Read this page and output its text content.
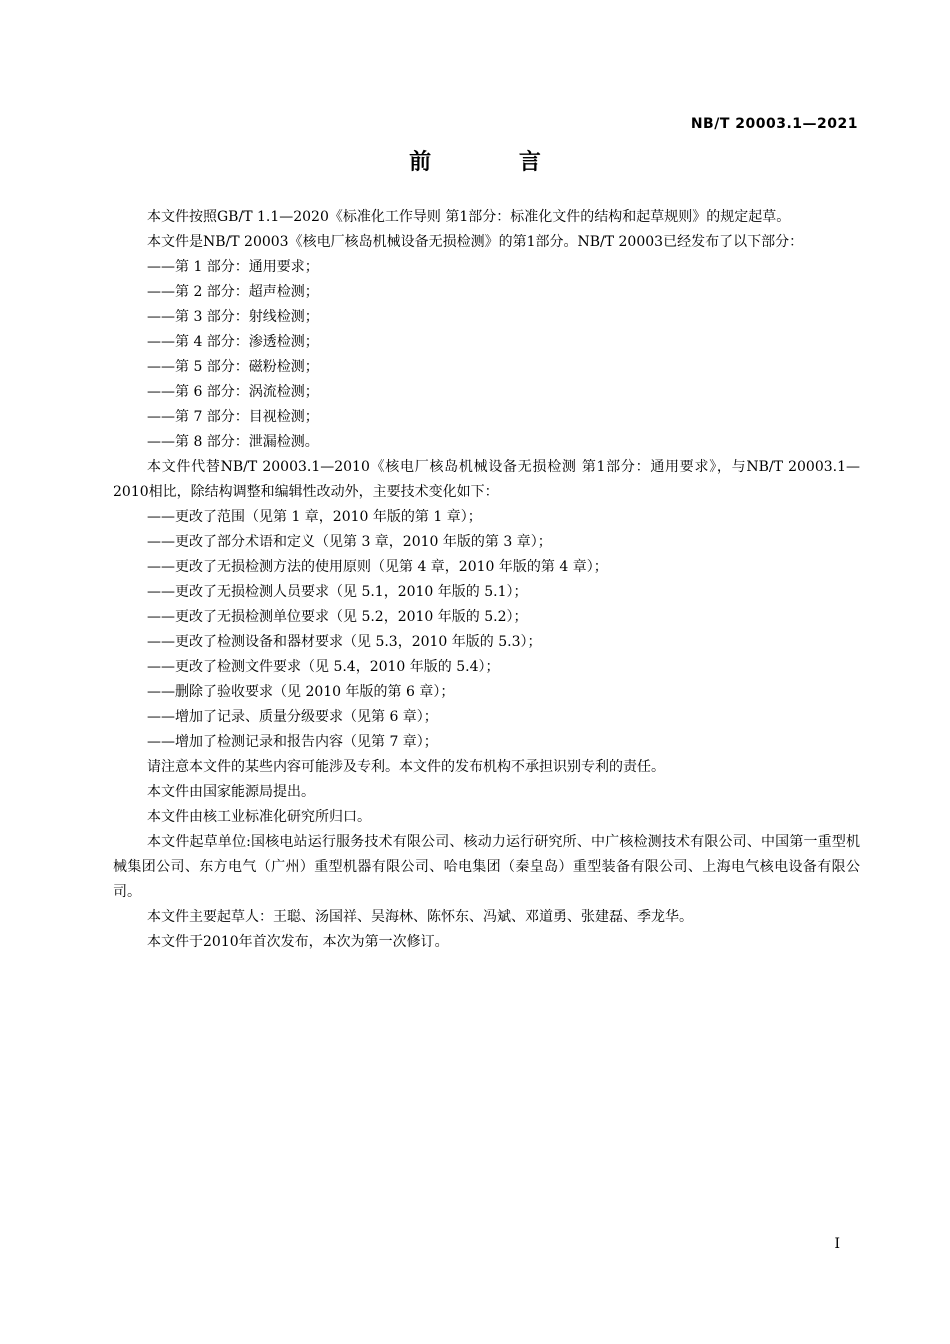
NB/T 20003.1—2021
前 言

本文件按照GB/T 1.1—2020《标准化工作导则 第1部分：标准化文件的结构和起草规则》的规定起草。

本文件是NB/T 20003《核电厂核岛机械设备无损检测》的第1部分。NB/T 20003已经发布了以下部分：

——第 1 部分：通用要求；

——第 2 部分：超声检测；

——第 3 部分：射线检测；

——第 4 部分：渗透检测；

——第 5 部分：磁粉检测；

——第 6 部分：涡流检测；

——第 7 部分：目视检测；

——第 8 部分：泄漏检测。

本文件代替NB/T 20003.1—2010《核电厂核岛机械设备无损检测 第1部分：通用要求》，与NB/T 20003.1—2010相比，除结构调整和编辑性改动外，主要技术变化如下：

——更改了范围（见第 1 章，2010 年版的第 1 章）；

——更改了部分术语和定义（见第 3 章，2010 年版的第 3 章）；

——更改了无损检测方法的使用原则（见第 4 章，2010 年版的第 4 章）；

——更改了无损检测人员要求（见 5.1，2010 年版的 5.1）；

——更改了无损检测单位要求（见 5.2，2010 年版的 5.2）；

——更改了检测设备和器材要求（见 5.3，2010 年版的 5.3）；

——更改了检测文件要求（见 5.4，2010 年版的 5.4）；

——删除了验收要求（见 2010 年版的第 6 章）；

——增加了记录、质量分级要求（见第 6 章）；

——增加了检测记录和报告内容（见第 7 章）；

请注意本文件的某些内容可能涉及专利。本文件的发布机构不承担识别专利的责任。

本文件由国家能源局提出。

本文件由核工业标准化研究所归口。

本文件起草单位:国核电站运行服务技术有限公司、核动力运行研究所、中广核检测技术有限公司、中国第一重型机械集团公司、东方电气（广州）重型机器有限公司、哈电集团（秦皇岛）重型装备有限公司、上海电气核电设备有限公司。

本文件主要起草人：王聪、汤国祥、吴海林、陈怀东、冯斌、邓道勇、张建磊、季龙华。

本文件于2010年首次发布，本次为第一次修订。

I
